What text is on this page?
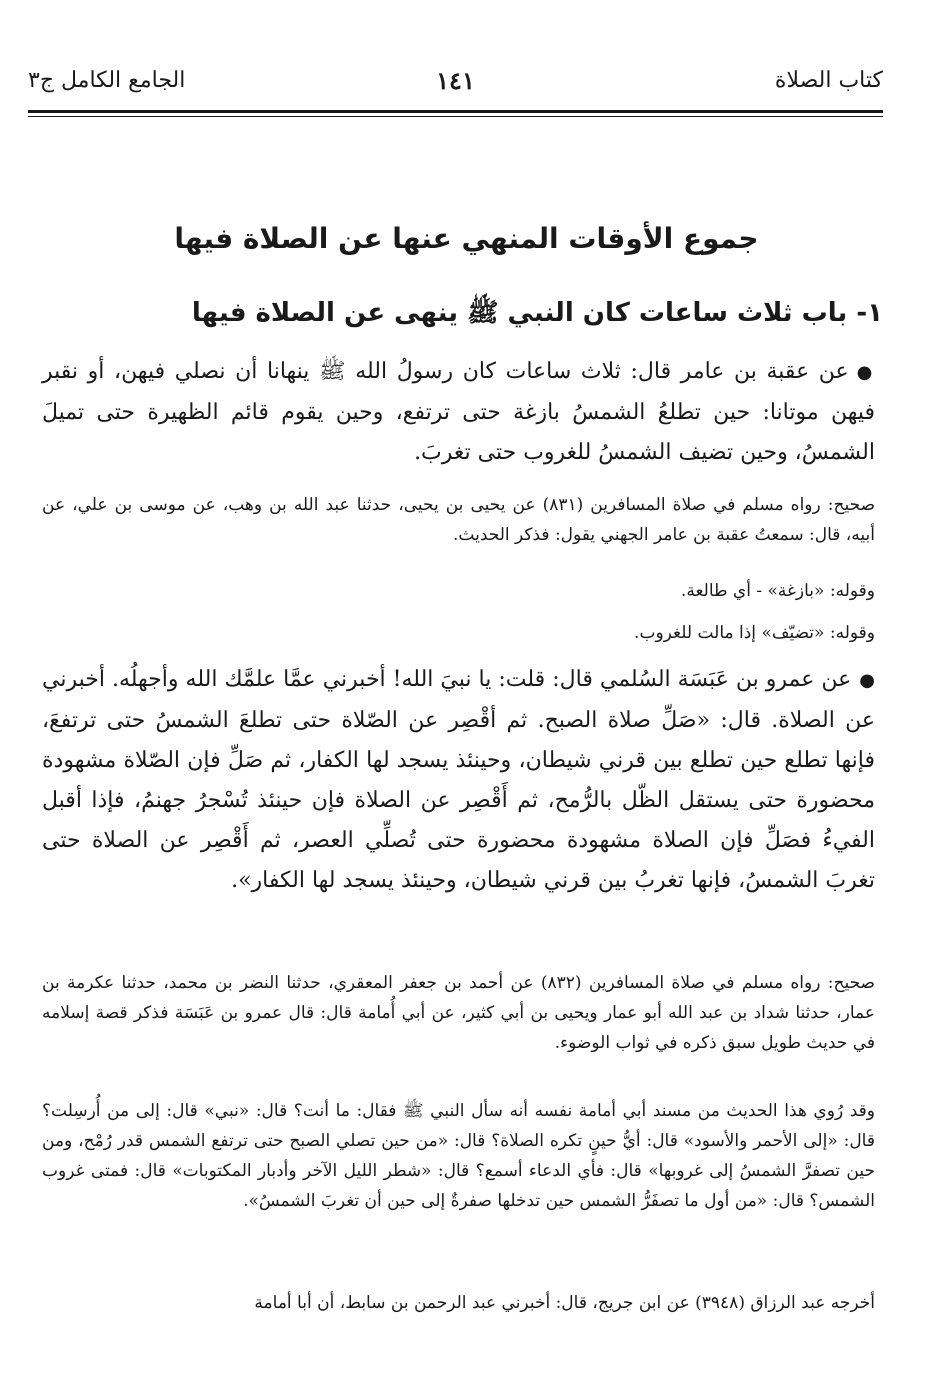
كتاب الصلاة
١٤١
الجامع الكامل ج٣
جموع الأوقات المنهي عنها عن الصلاة فيها
١- باب ثلاث ساعات كان النبي ﷺ ينهى عن الصلاة فيها
●عن عقبة بن عامر قال: ثلاث ساعات كان رسولُ الله ﷺ ينهانا أن نصلي فيهن، أو نقبر فيهن موتانا: حين تطلعُ الشمسُ بازغة حتى ترتفع، وحين يقوم قائم الظهيرة حتى تميلَ الشمسُ، وحين تضيف الشمسُ للغروب حتى تغربَ.
صحيح: رواه مسلم في صلاة المسافرين (٨٣١) عن يحيى بن يحيى، حدثنا عبد الله بن وهب، عن موسى بن علي، عن أبيه، قال: سمعتُ عقبة بن عامر الجهني يقول: فذكر الحديث.
وقوله: «بازغة» - أي طالعة.
وقوله: «تضيّف» إذا مالت للغروب.
●عن عمرو بن عَبَسَة السُلمي قال: قلت: يا نبيَ الله! أخبرني عمَّا علمَّك الله وأجهلُه. أخبرني عن الصلاة. قال: «صَلِّ صلاة الصبح. ثم أقْصِر عن الصّلاة حتى تطلعَ الشمسُ حتى ترتفعَ، فإنها تطلع حين تطلع بين قرني شيطان، وحينئذ يسجد لها الكفار، ثم صَلِّ فإن الصّلاة مشهودة محضورة حتى يستقل الظّل بالرُّمح، ثم أَقْصِر عن الصلاة فإن حينئذ تُسْجرُ جهنمُ، فإذا أقبل الفيءُ فصَلِّ فإن الصلاة مشهودة محضورة حتى تُصلِّي العصر، ثم أَقْصِر عن الصلاة حتى تغربَ الشمسُ، فإنها تغربُ بين قرني شيطان، وحينئذ يسجد لها الكفار».
صحيح: رواه مسلم في صلاة المسافرين (٨٣٢) عن أحمد بن جعفر المعقري، حدثنا النضر بن محمد، حدثنا عكرمة بن عمار، حدثنا شداد بن عبد الله أبو عمار ويحيى بن أبي كثير، عن أبي أُمامة قال: قال عمرو بن عَبَسَة فذكر قصة إسلامه في حديث طويل سبق ذكره في ثواب الوضوء.
وقد رُوي هذا الحديث من مسند أبي أمامة نفسه أنه سأل النبي ﷺ فقال: ما أنت؟ قال: «نبي» قال: إلى من أُرسِلت؟ قال: «إلى الأحمر والأسود» قال: أيُّ حينٍ تكره الصلاة؟ قال: «من حين تصلي الصبح حتى ترتفع الشمس قدر رُمْح، ومن حين تصفرَّ الشمسُ إلى غروبها» قال: فأي الدعاء أسمع؟ قال: «شطر الليل الآخر وأدبار المكتوبات» قال: فمتى غروب الشمس؟ قال: «من أول ما تصفَرُّ الشمس حين تدخلها صفرةٌ إلى حين أن تغربَ الشمسُ».
أخرجه عبد الرزاق (٣٩٤٨) عن ابن جريج، قال: أخبرني عبد الرحمن بن سابط، أن أبا أمامة
